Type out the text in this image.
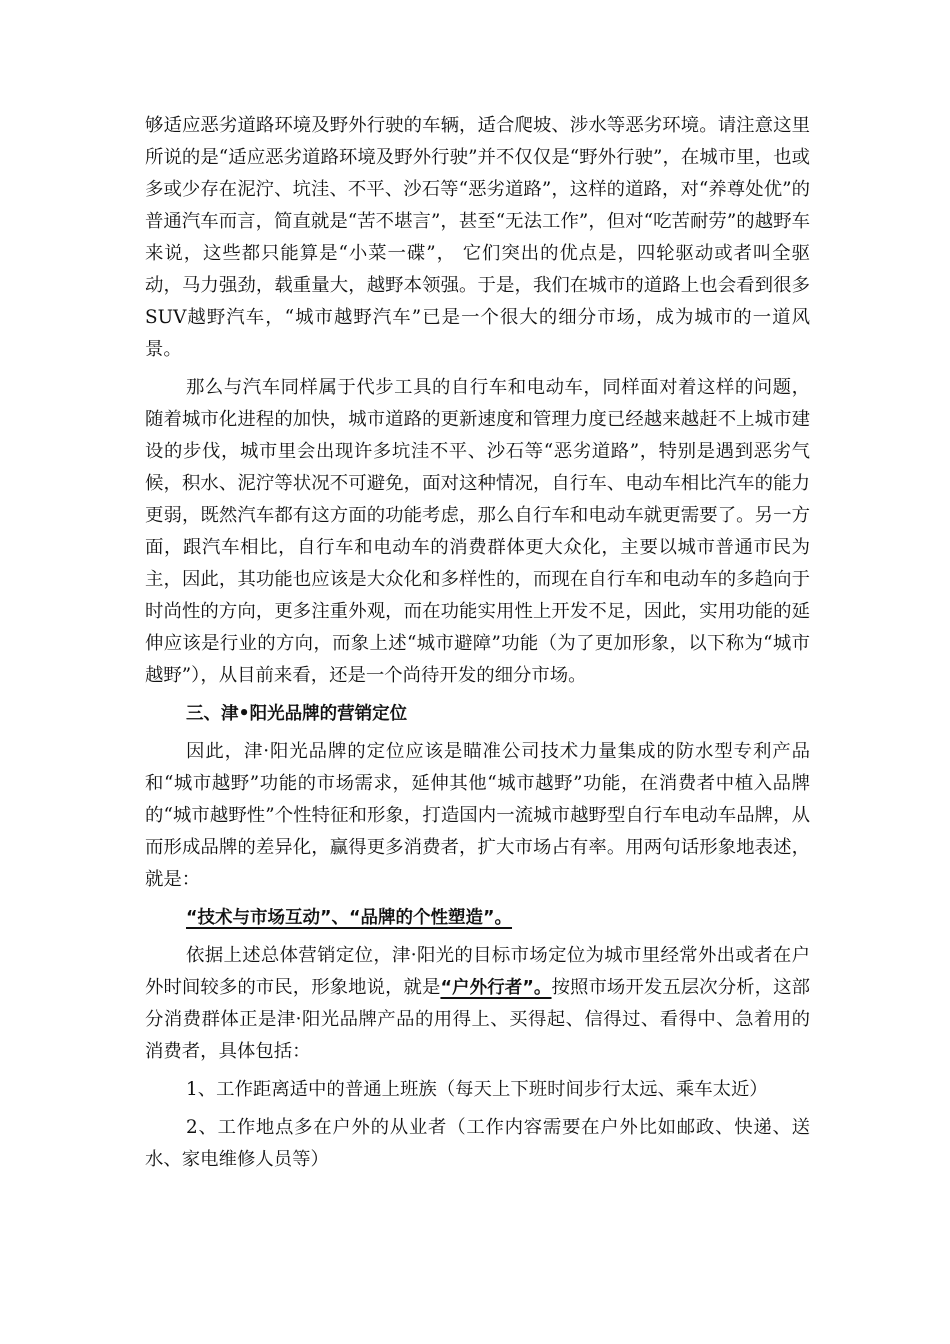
够适应恶劣道路环境及野外行驶的车辆，适合爬坡、涉水等恶劣环境。请注意这里所说的是“适应恶劣道路环境及野外行驶”并不仅仅是“野外行驶”，在城市里，也或多或少存在泥泞、坑洼、不平、沙石等“恶劣道路”，这样的道路，对“养尊处优”的普通汽车而言，简直就是“苦不堪言”，甚至“无法工作”，但对“吃苦耐劳”的越野车来说，这些都只能算是“小菜一碟”， 它们突出的优点是，四轮驱动或者叫全驱动，马力强劲，载重量大，越野本领强。于是，我们在城市的道路上也会看到很多SUV越野汽车，“城市越野汽车”已是一个很大的细分市场，成为城市的一道风景。

那么与汽车同样属于代步工具的自行车和电动车，同样面对着这样的问题，随着城市化进程的加快，城市道路的更新速度和管理力度已经越来越赶不上城市建设的步伐，城市里会出现许多坑洼不平、沙石等“恶劣道路”，特别是遇到恶劣气候，积水、泥泞等状况不可避免，面对这种情况，自行车、电动车相比汽车的能力更弱，既然汽车都有这方面的功能考虑，那么自行车和电动车就更需要了。另一方面，跟汽车相比，自行车和电动车的消费群体更大众化，主要以城市普通市民为主，因此，其功能也应该是大众化和多样性的，而现在自行车和电动车的多趋向于时尚性的方向，更多注重外观，而在功能实用性上开发不足，因此，实用功能的延伸应该是行业的方向，而象上述“城市避障”功能（为了更加形象，以下称为“城市越野”），从目前来看，还是一个尚待开发的细分市场。

三、津•阳光品牌的营销定位

因此，津·阳光品牌的定位应该是瞄准公司技术力量集成的防水型专利产品和“城市越野”功能的市场需求，延伸其他“城市越野”功能，在消费者中植入品牌的“城市越野性”个性特征和形象，打造国内一流城市越野型自行车电动车品牌，从而形成品牌的差异化，赢得更多消费者，扩大市场占有率。用两句话形象地表述，就是：

“技术与市场互动”、“品牌的个性塑造”。

依据上述总体营销定位，津·阳光的目标市场定位为城市里经常外出或者在户外时间较多的市民，形象地说，就是“户外行者”。按照市场开发五层次分析，这部分消费群体正是津·阳光品牌产品的用得上、买得起、信得过、看得中、急着用的消费者，具体包括：

1、工作距离适中的普通上班族（每天上下班时间步行太远、乘车太近）

2、工作地点多在户外的从业者（工作内容需要在户外比如邮政、快递、送水、家电维修人员等）
